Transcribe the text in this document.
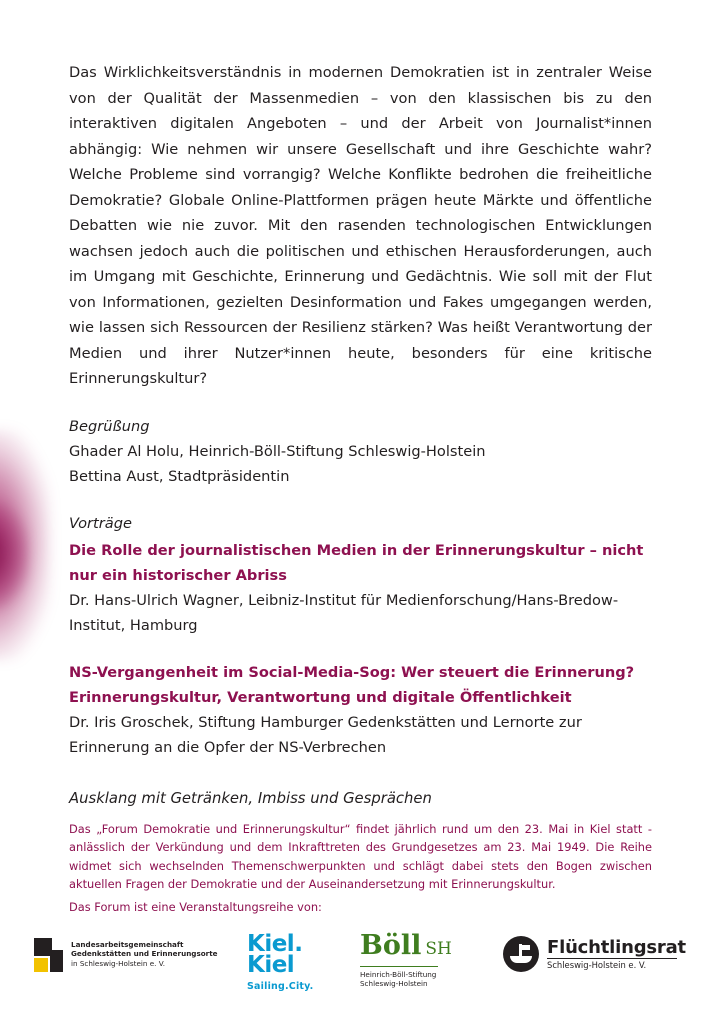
Das Wirklichkeitsverständnis in modernen Demokratien ist in zentraler Weise von der Qualität der Massenmedien – von den klassischen bis zu den interaktiven digitalen Angeboten – und der Arbeit von Journalist*innen abhängig: Wie nehmen wir unsere Gesellschaft und ihre Geschichte wahr? Welche Probleme sind vorrangig? Welche Konflikte bedrohen die freiheitliche Demokratie? Globale Online-Plattformen prägen heute Märkte und öffentliche Debatten wie nie zuvor. Mit den rasenden technologischen Entwicklungen wachsen jedoch auch die politischen und ethischen Herausforderungen, auch im Umgang mit Geschichte, Erinnerung und Gedächtnis. Wie soll mit der Flut von Informationen, gezielten Desinformation und Fakes umgegangen werden, wie lassen sich Ressourcen der Resilienz stärken? Was heißt Verantwortung der Medien und ihrer Nutzer*innen heute, besonders für eine kritische Erinnerungskultur?

Begrüßung
Ghader Al Holu, Heinrich-Böll-Stiftung Schleswig-Holstein
Bettina Aust, Stadtpräsidentin
Vorträge
Die Rolle der journalistischen Medien in der Erinnerungskultur – nicht nur ein historischer Abriss
Dr. Hans-Ulrich Wagner, Leibniz-Institut für Medienforschung/Hans-Bredow-Institut, Hamburg
NS-Vergangenheit im Social-Media-Sog: Wer steuert die Erinnerung? Erinnerungskultur, Verantwortung und digitale Öffentlichkeit
Dr. Iris Groschek, Stiftung Hamburger Gedenkstätten und Lernorte zur Erinnerung an die Opfer der NS-Verbrechen
Ausklang mit Getränken, Imbiss und Gesprächen
Das „Forum Demokratie und Erinnerungskultur“ findet jährlich rund um den 23. Mai in Kiel statt - anlässlich der Verkündung und dem Inkrafttreten des Grundgesetzes am 23. Mai 1949. Die Reihe widmet sich wechselnden Themenschwerpunkten und schlägt dabei stets den Bogen zwischen aktuellen Fragen der Demokratie und der Auseinandersetzung mit Erinnerungskultur.
Das Forum ist eine Veranstaltungsreihe von:
Landesarbeitsgemeinschaft
Gedenkstätten und Erinnerungsorte
in Schleswig-Holstein e. V.
Kiel.
Kiel
Sailing.City.
Böll SH
Heinrich-Böll-Stiftung
Schleswig-Holstein
Flüchtlingsrat
Schleswig-Holstein e. V.
